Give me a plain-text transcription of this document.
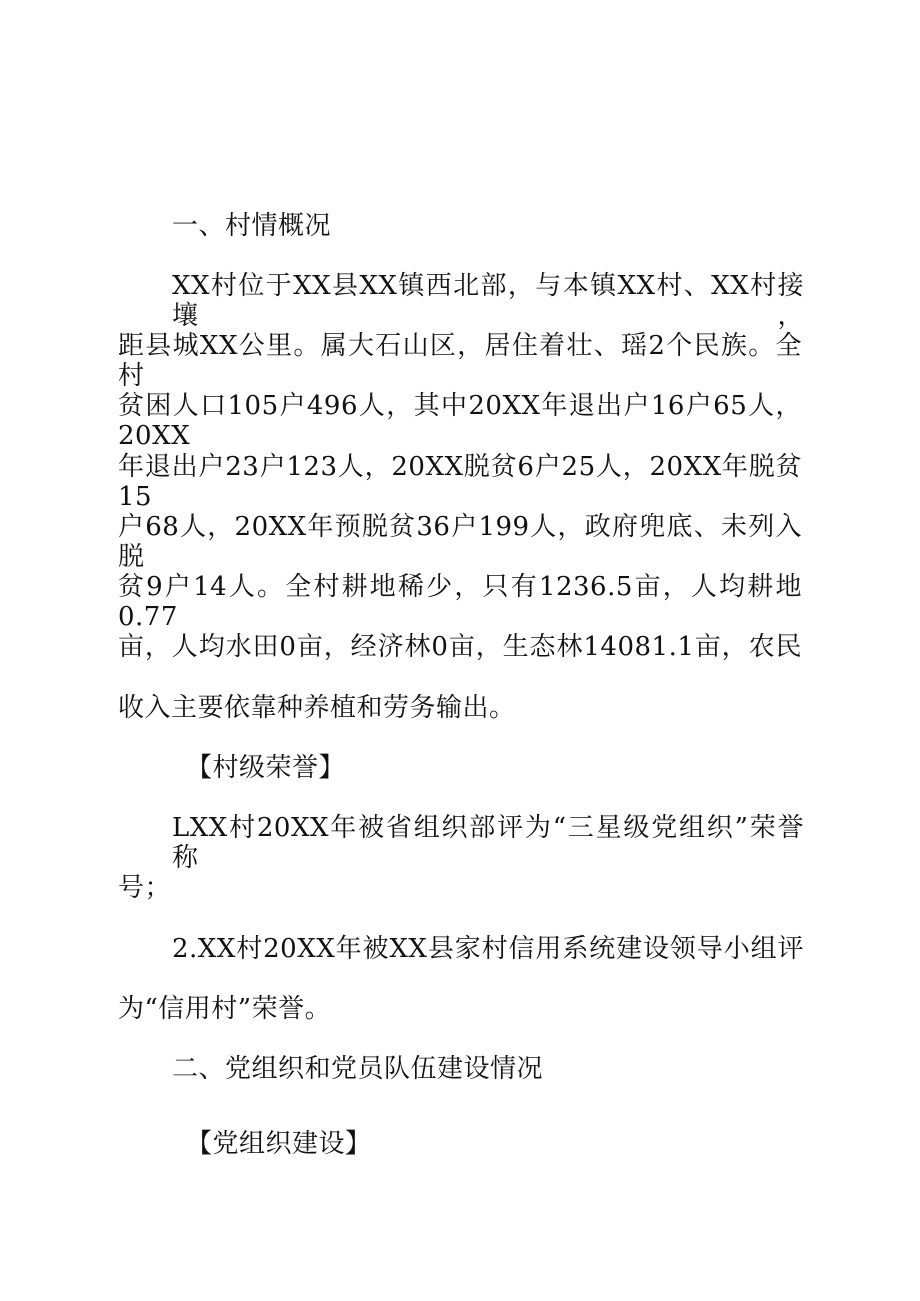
一、村情概况
XX村位于XX县XX镇西北部，与本镇XX村、XX村接壤，
距县城XX公里。属大石山区，居住着壮、瑶2个民族。全村
贫困人口105户496人，其中20XX年退出户16户65人，20XX
年退出户23户123人，20XX脱贫6户25人，20XX年脱贫15
户68人，20XX年预脱贫36户199人，政府兜底、未列入脱
贫9户14人。全村耕地稀少，只有1236.5亩，人均耕地0.77
亩，人均水田0亩，经济林0亩，生态林14081.1亩，农民
收入主要依靠种养植和劳务输出。
【村级荣誉】
LXX村20XX年被省组织部评为“三星级党组织”荣誉称
号；
2.XX村20XX年被XX县家村信用系统建设领导小组评
为“信用村”荣誉。
二、党组织和党员队伍建设情况
【党组织建设】
